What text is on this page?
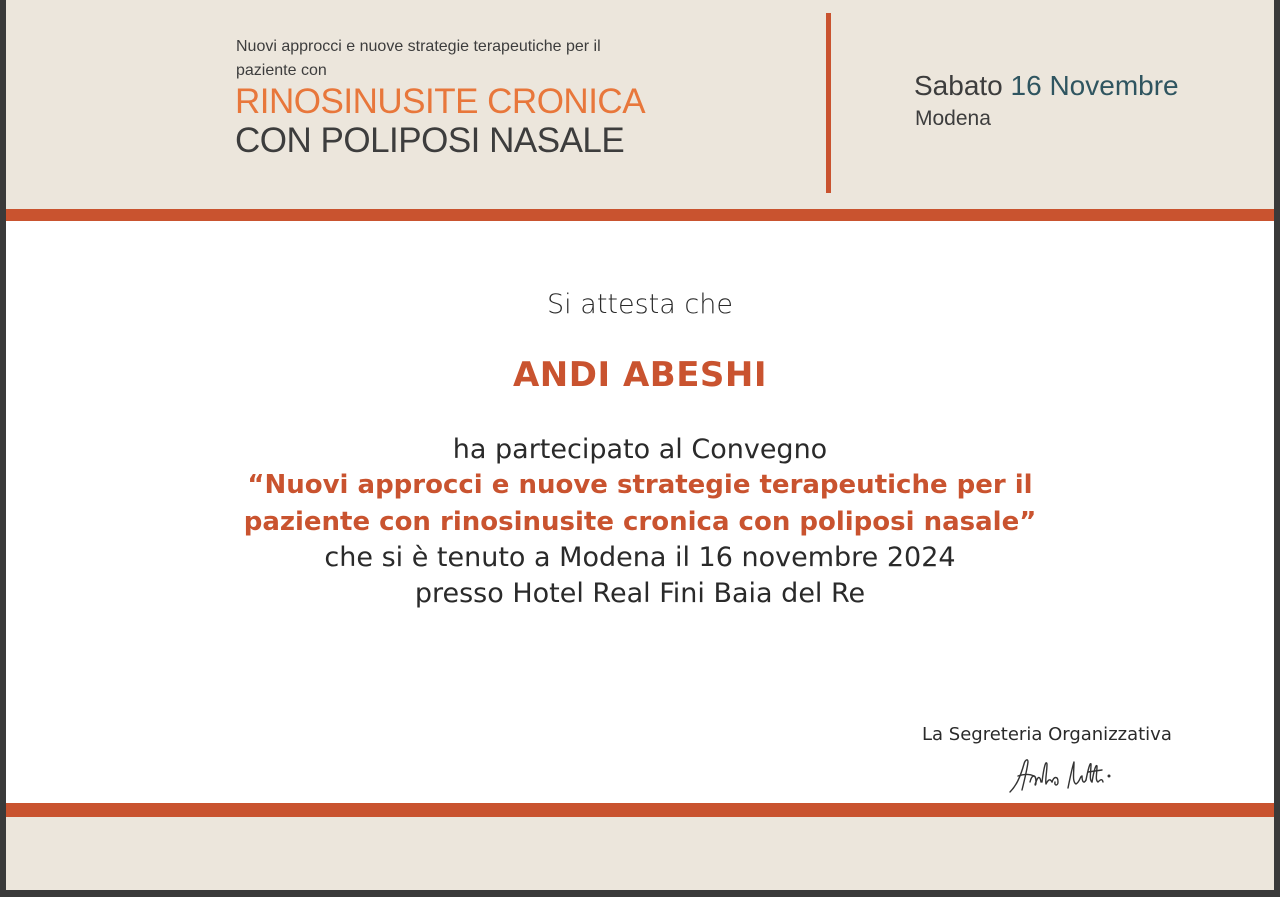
Nuovi approcci e nuove strategie terapeutiche per il paziente con
RINOSINUSITE CRONICA
CON POLIPOSI NASALE
Sabato 16 Novembre
Modena
Si attesta che
ANDI ABESHI
ha partecipato al Convegno
“Nuovi approcci e nuove strategie terapeutiche per il paziente con rinosinusite cronica con poliposi nasale”
che si è tenuto a Modena il 16 novembre 2024
presso Hotel Real Fini Baia del Re
La Segreteria Organizzativa
